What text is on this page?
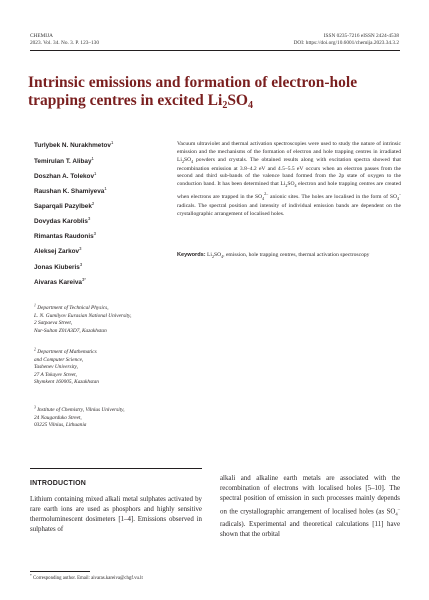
CHEMIJA
2023. Vol. 34. No. 3. P. 123–130
ISSN 0235-7216 eISSN 2424-4538
DOI: https://doi.org/10.6001/chemija.2023.34.3.2
Intrinsic emissions and formation of electron-hole
trapping centres in excited $Li_2SO_4$
Turlybek N. Nurakhmetov$^1$
Temirulan T. Alibay$^1$
Doszhan A. Tolekov$^1$
Raushan K. Shamiyeva$^1$
Saparqali Pazylbek$^2$
Dovydas Karoblis$^3$
Rimantas Raudonis$^3$
Aleksej Zarkov$^3$
Jonas Kiuberis$^3$
Aivaras Kareiva$^{3*}$
$^1$ Department of Technical Physics,
L. N. Gumilyov Eurasian National University,
2 Satpaeva Street,
Nur-Sultan Z01A3D7, Kazakhstan
$^2$ Department of Mathematics
and Computer Science,
Tashenev University,
27 A Tokayev Street,
Shymkent 160005, Kazakhstan
$^3$ Institute of Chemistry, Vilnius University,
24 Naugarduko Street,
03225 Vilnius, Lithuania
Vacuum ultraviolet and thermal activation spectroscopies were used to study the nature of intrinsic emission and the mechanisms of the formation of electron and hole trapping centres in irradiated $Li_2SO_4$ powders and crystals. The obtained results along with excitation spectra showed that recombination emission at 3.8–4.2 eV and 4.5–5.5 eV occurs when an electron passes from the second and third sub-bands of the valence band formed from the 2p state of oxygen to the conduction band. It has been determined that $Li_2SO_4$ electron and hole trapping centres are created when electrons are trapped in the $SO_4^{2-}$ anionic sites. The holes are localised in the form of $SO_4^-$ radicals. The spectral position and intensity of individual emission bands are dependent on the crystallographic arrangement of localised holes.
Keywords: $Li_2SO_4$, emission, hole trapping centres, thermal activation spectroscopy
INTRODUCTION
Lithium containing mixed alkali metal sulphates activated by rare earth ions are used as phosphors and highly sensitive thermoluminescent dosimeters [1–4]. Emissions observed in sulphates of
alkali and alkaline earth metals are associated with the recombination of electrons with localised holes [5–10]. The spectral position of emission in such processes mainly depends on the crystallographic arrangement of localised holes (as $SO_4^-$ radicals). Experimental and theoretical calculations [11] have shown that the orbital
* Corresponding author. Email: aivaras.kareiva@chgf.vu.lt
